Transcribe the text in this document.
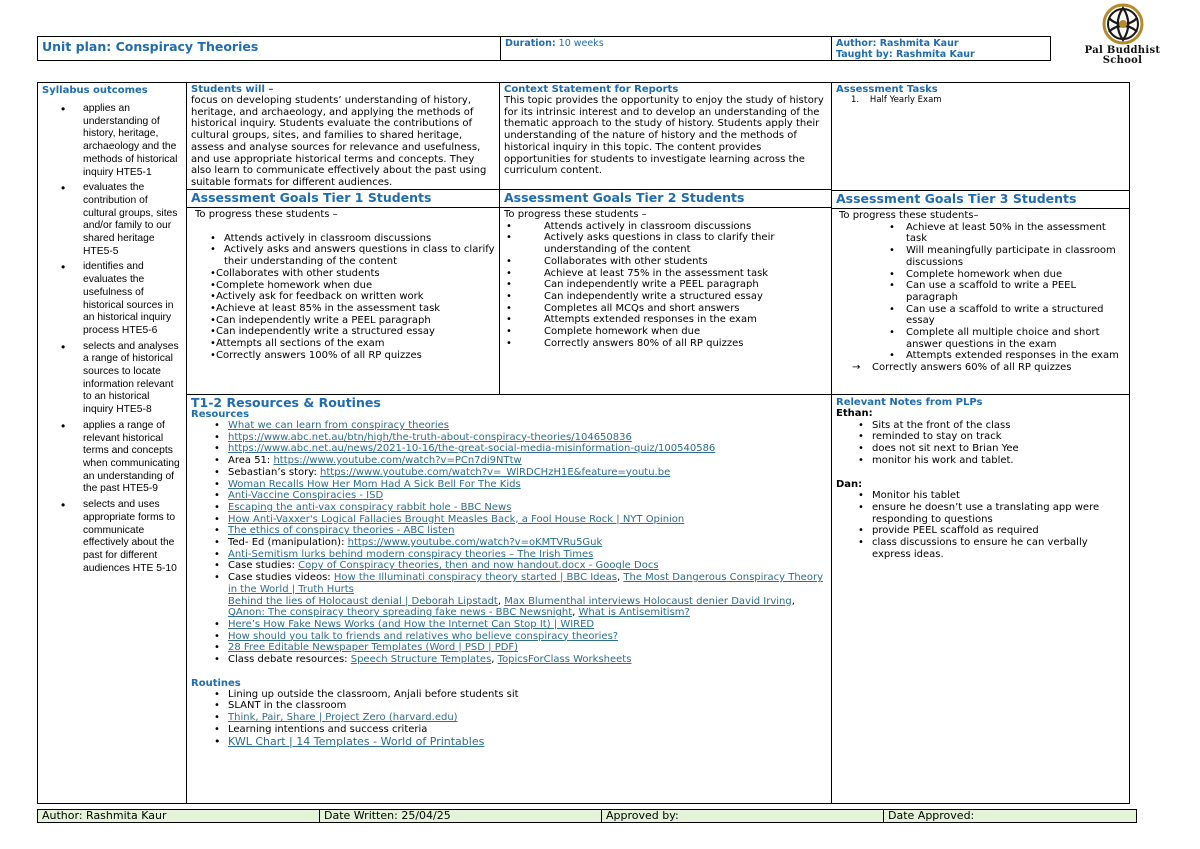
Unit plan: Conspiracy Theories	Duration: 10 weeks	Author: Rashmita Kaur
Taught by: Rashmita Kaur	Pal Buddhist
School
Syllabus outcomes
• applies an understanding of history, heritage, archaeology and the methods of historical inquiry HTE5-1
• evaluates the contribution of cultural groups, sites and/or family to our shared heritage HTE5-5
• identifies and evaluates the usefulness of historical sources in an historical inquiry process HTE5-6
• selects and analyses a range of historical sources to locate information relevant to an historical inquiry HTE5-8
• applies a range of relevant historical terms and concepts when communicating an understanding of the past HTE5-9
• selects and uses appropriate forms to communicate effectively about the past for different audiences HTE 5-10
Students will –
focus on developing students’ understanding of history, heritage, and archaeology, and applying the methods of historical inquiry. Students evaluate the contributions of cultural groups, sites, and families to shared heritage, assess and analyse sources for relevance and usefulness, and use appropriate historical terms and concepts. They also learn to communicate effectively about the past using suitable formats for different audiences.
Context Statement for Reports
This topic provides the opportunity to enjoy the study of history for its intrinsic interest and to develop an understanding of the thematic approach to the study of history. Students apply their understanding of the nature of history and the methods of historical inquiry in this topic. The content provides opportunities for students to investigate learning across the curriculum content.
Assessment Tasks
1.    Half Yearly Exam
Assessment Goals Tier 1 Students
To progress these students –
• Attends actively in classroom discussions
• Actively asks and answers questions in class to clarify their understanding of the content
• Collaborates with other students
• Complete homework when due
• Actively ask for feedback on written work
• Achieve at least 85% in the assessment task
• Can independently write a PEEL paragraph
• Can independently write a structured essay
• Attempts all sections of the exam
• Correctly answers 100% of all RP quizzes
Assessment Goals Tier 2 Students
To progress these students –
• Attends actively in classroom discussions
• Actively asks questions in class to clarify their understanding of the content
• Collaborates with other students
• Achieve at least 75% in the assessment task
• Can independently write a PEEL paragraph
• Can independently write a structured essay
• Completes all MCQs and short answers
• Attempts extended responses in the exam
• Complete homework when due
• Correctly answers 80% of all RP quizzes
Assessment Goals Tier 3 Students
To progress these students–
• Achieve at least 50% in the assessment task
• Will meaningfully participate in classroom discussions
• Complete homework when due
• Can use a scaffold to write a PEEL paragraph
• Can use a scaffold to write a structured essay
• Complete all multiple choice and short answer questions in the exam
• Attempts extended responses in the exam
→ Correctly answers 60% of all RP quizzes
T1-2 Resources & Routines
Resources
• What we can learn from conspiracy theories
• https://www.abc.net.au/btn/high/the-truth-about-conspiracy-theories/104650836
• https://www.abc.net.au/news/2021-10-16/the-great-social-media-misinformation-quiz/100540586
• Area 51: https://www.youtube.com/watch?v=PCn7di9NTtw
• Sebastian’s story: https://www.youtube.com/watch?v=_WlRDCHzH1E&feature=youtu.be
• Woman Recalls How Her Mom Had A Sick Bell For The Kids
• Anti-Vaccine Conspiracies - ISD
• Escaping the anti-vax conspiracy rabbit hole - BBC News
• How Anti-Vaxxer's Logical Fallacies Brought Measles Back, a Fool House Rock | NYT Opinion
• The ethics of conspiracy theories - ABC listen
• Ted- Ed (manipulation): https://www.youtube.com/watch?v=oKMTVRu5Guk
• Anti-Semitism lurks behind modern conspiracy theories – The Irish Times
• Case studies: Copy of Conspiracy theories, then and now handout.docx - Google Docs
• Case studies videos: How the Illuminati conspiracy theory started | BBC Ideas, The Most Dangerous Conspiracy Theory in the World | Truth Hurts
Behind the lies of Holocaust denial | Deborah Lipstadt, Max Blumenthal interviews Holocaust denier David Irving, QAnon: The conspiracy theory spreading fake news - BBC Newsnight, What is Antisemitism?
• Here’s How Fake News Works (and How the Internet Can Stop It) | WIRED
• How should you talk to friends and relatives who believe conspiracy theories?
• 28 Free Editable Newspaper Templates (Word | PSD | PDF)
• Class debate resources: Speech Structure Templates, TopicsForClass Worksheets
Routines
• Lining up outside the classroom, Anjali before students sit
• SLANT in the classroom
• Think, Pair, Share | Project Zero (harvard.edu)
• Learning intentions and success criteria
• KWL Chart | 14 Templates - World of Printables
Relevant Notes from PLPs
Ethan:
• Sits at the front of the class
• reminded to stay on track
• does not sit next to Brian Yee
• monitor his work and tablet.
Dan:
• Monitor his tablet
• ensure he doesn’t use a translating app were responding to questions
• provide PEEL scaffold as required
• class discussions to ensure he can verbally express ideas.
Author: Rashmita Kaur	Date Written: 25/04/25	Approved by:	Date Approved:
